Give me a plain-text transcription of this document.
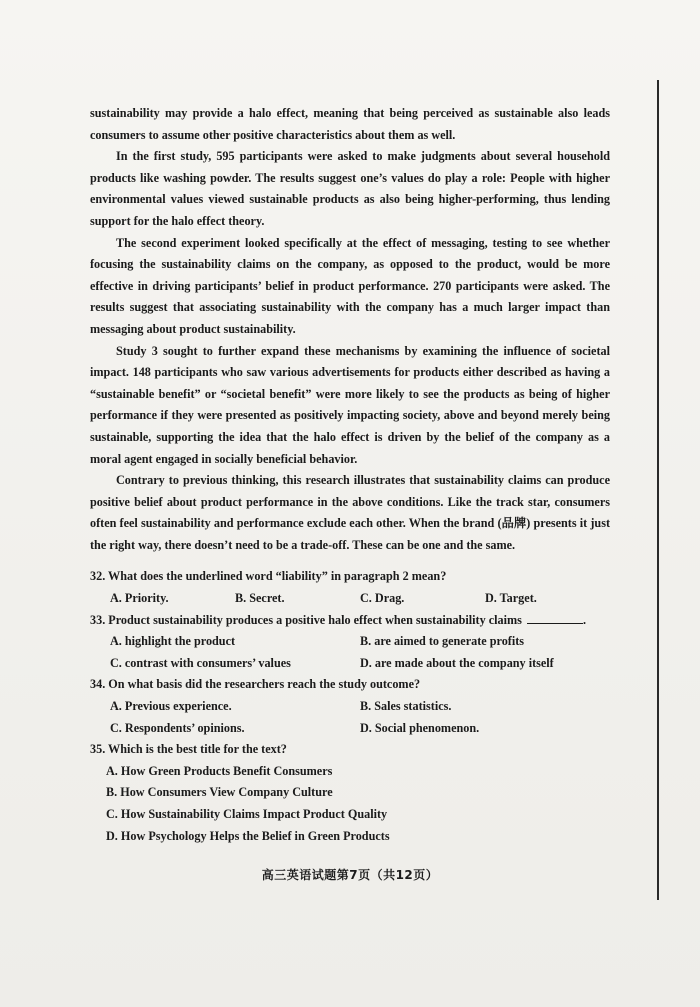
sustainability may provide a halo effect, meaning that being perceived as sustainable also leads consumers to assume other positive characteristics about them as well.

In the first study, 595 participants were asked to make judgments about several household products like washing powder. The results suggest one’s values do play a role: People with higher environmental values viewed sustainable products as also being higher-performing, thus lending support for the halo effect theory.

The second experiment looked specifically at the effect of messaging, testing to see whether focusing the sustainability claims on the company, as opposed to the product, would be more effective in driving participants’ belief in product performance. 270 participants were asked. The results suggest that associating sustainability with the company has a much larger impact than messaging about product sustainability.

Study 3 sought to further expand these mechanisms by examining the influence of societal impact. 148 participants who saw various advertisements for products either described as having a “sustainable benefit” or “societal benefit” were more likely to see the products as being of higher performance if they were presented as positively impacting society, above and beyond merely being sustainable, supporting the idea that the halo effect is driven by the belief of the company as a moral agent engaged in socially beneficial behavior.

Contrary to previous thinking, this research illustrates that sustainability claims can produce positive belief about product performance in the above conditions. Like the track star, consumers often feel sustainability and performance exclude each other. When the brand (品牌) presents it just the right way, there doesn’t need to be a trade-off. These can be one and the same.

32. What does the underlined word “liability” in paragraph 2 mean?

A. Priority.	B. Secret.	C. Drag.	D. Target.

33. Product sustainability produces a positive halo effect when sustainability claims	.

A. highlight the product	B. are aimed to generate profits
C. contrast with consumers’ values	D. are made about the company itself

34. On what basis did the researchers reach the study outcome?

A. Previous experience.	B. Sales statistics.
C. Respondents’ opinions.	D. Social phenomenon.

35. Which is the best title for the text?

A. How Green Products Benefit Consumers
B. How Consumers View Company Culture
C. How Sustainability Claims Impact Product Quality
D. How Psychology Helps the Belief in Green Products
高三英语试题第7页（共12页）
